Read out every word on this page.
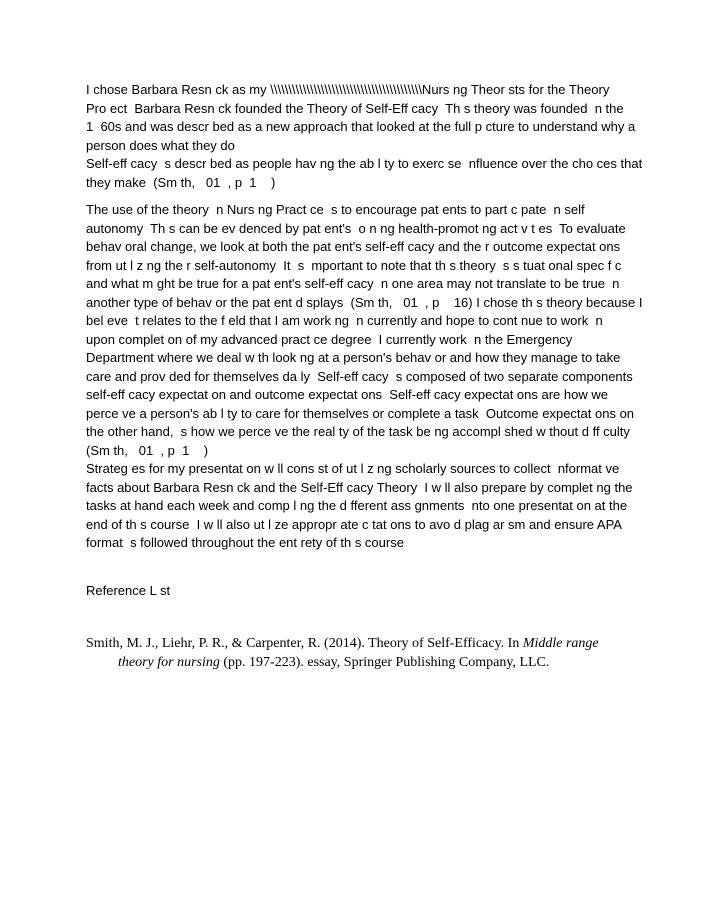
I chose Barbara Resn ck as my \\\\\\\\\\\\\\\\\\\\\\\\\\\\\\\\\\\\\\\\\\Nurs ng Theor sts for the Theory
Pro ect  Barbara Resn ck founded the Theory of Self-Eff cacy  Th s theory was founded  n the
1  60s and was descr bed as a new approach that looked at the full p cture to understand why a
person does what they do
Self-eff cacy  s descr bed as people hav ng the ab l ty to exerc se  nfluence over the cho ces that
they make  (Sm th,   01  , p  1    )
The use of the theory  n Nurs ng Pract ce  s to encourage pat ents to part c pate  n self
autonomy  Th s can be ev denced by pat ent's  o n ng health-promot ng act v t es  To evaluate
behav oral change, we look at both the pat ent's self-eff cacy and the r outcome expectat ons
from ut l z ng the r self-autonomy  It  s  mportant to note that th s theory  s s tuat onal spec f c
and what m ght be true for a pat ent's self-eff cacy  n one area may not translate to be true  n
another type of behav or the pat ent d splays  (Sm th,   01  , p    16) I chose th s theory because I
bel eve  t relates to the f eld that I am work ng  n currently and hope to cont nue to work  n
upon complet on of my advanced pract ce degree  I currently work  n the Emergency
Department where we deal w th look ng at a person's behav or and how they manage to take
care and prov ded for themselves da ly  Self-eff cacy  s composed of two separate components
self-eff cacy expectat on and outcome expectat ons  Self-eff cacy expectat ons are how we
perce ve a person's ab l ty to care for themselves or complete a task  Outcome expectat ons on
the other hand,  s how we perce ve the real ty of the task be ng accompl shed w thout d ff culty
(Sm th,   01  , p  1    )
Strateg es for my presentat on w ll cons st of ut l z ng scholarly sources to collect  nformat ve
facts about Barbara Resn ck and the Self-Eff cacy Theory  I w ll also prepare by complet ng the
tasks at hand each week and comp l ng the d fferent ass gnments  nto one presentat on at the
end of th s course  I w ll also ut l ze appropr ate c tat ons to avo d plag ar sm and ensure APA
format  s followed throughout the ent rety of th s course
Reference L st
Smith, M. J., Liehr, P. R., & Carpenter, R. (2014). Theory of Self-Efficacy. In Middle range
theory for nursing (pp. 197-223). essay, Springer Publishing Company, LLC.
